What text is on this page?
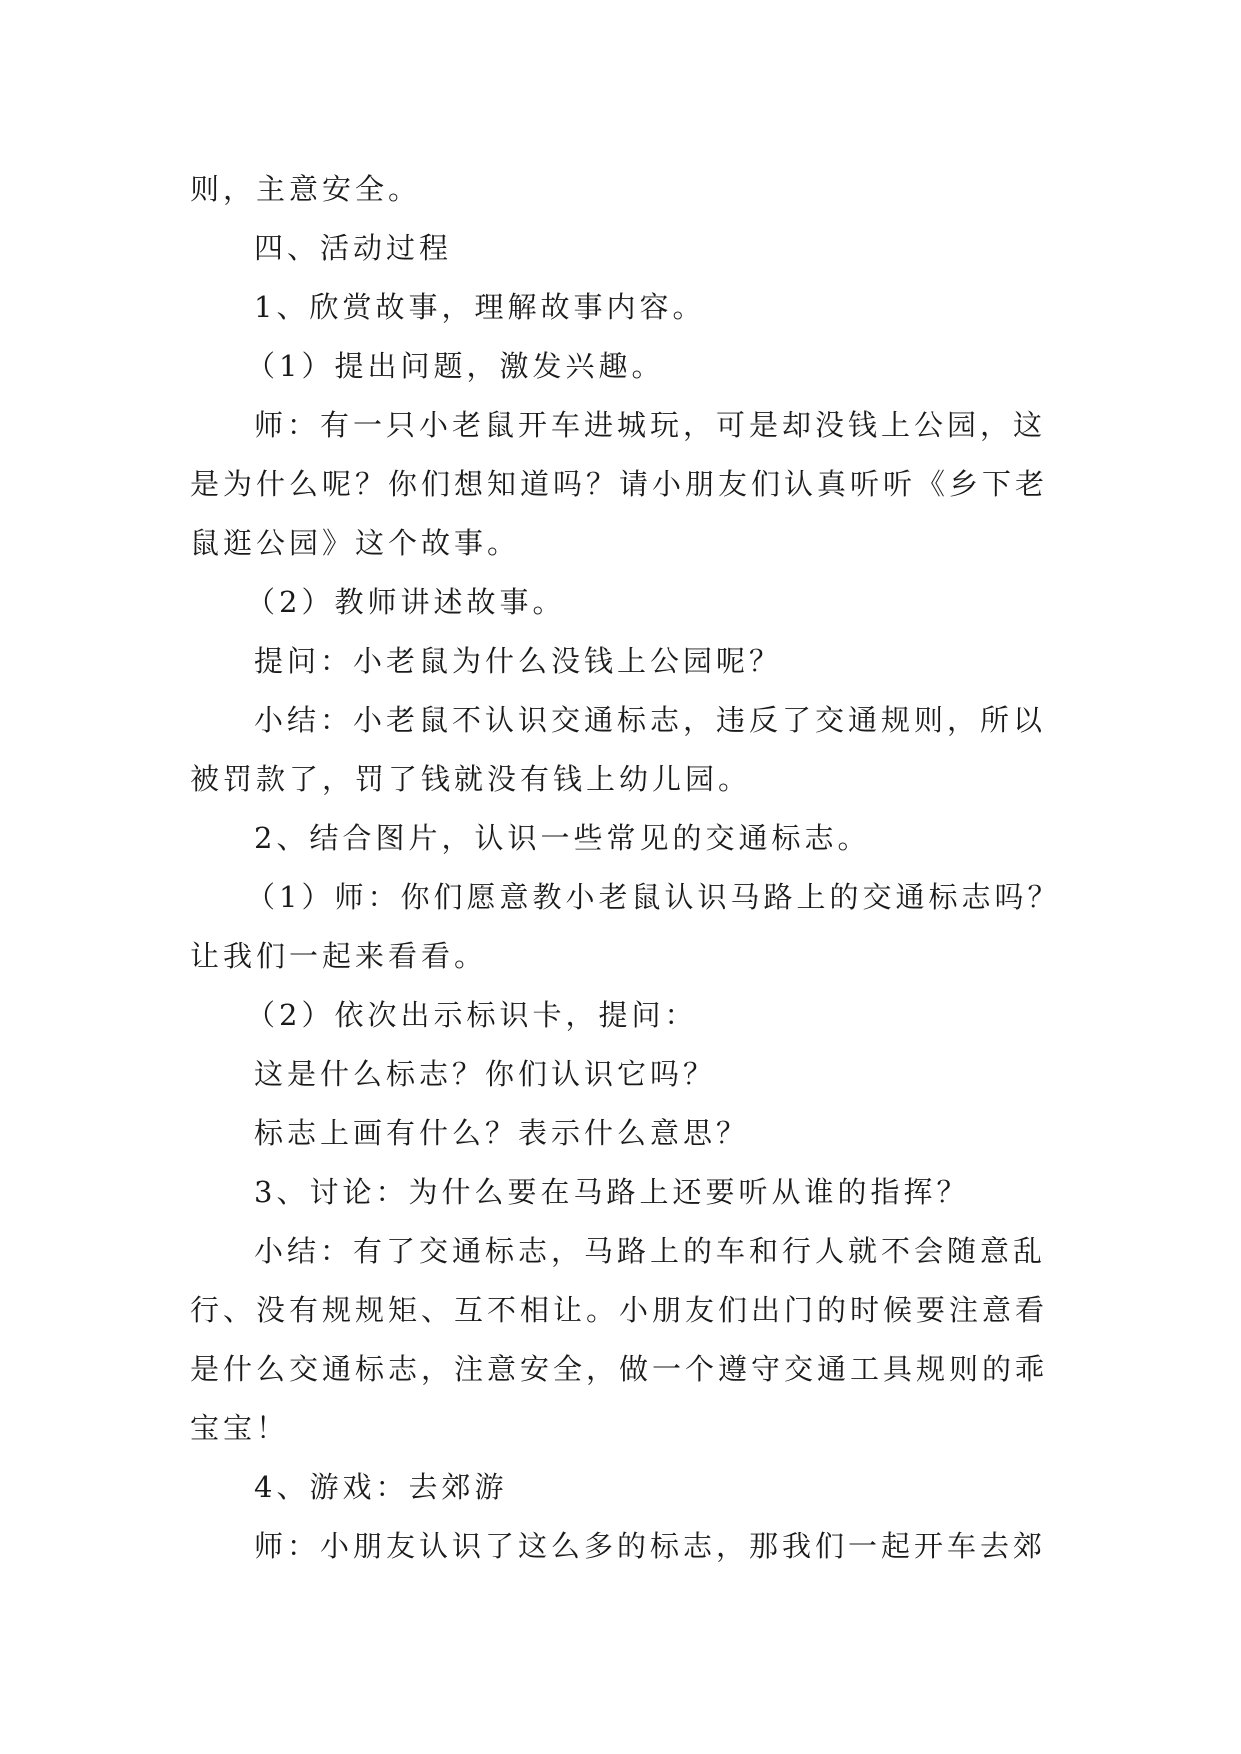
则，主意安全。
四、活动过程
1、欣赏故事，理解故事内容。
（1）提出问题，激发兴趣。
师：有一只小老鼠开车进城玩，可是却没钱上公园，这
是为什么呢？你们想知道吗？请小朋友们认真听听《乡下老
鼠逛公园》这个故事。
（2）教师讲述故事。
提问：小老鼠为什么没钱上公园呢？
小结：小老鼠不认识交通标志，违反了交通规则，所以
被罚款了，罚了钱就没有钱上幼儿园。
2、结合图片，认识一些常见的交通标志。
（1）师：你们愿意教小老鼠认识马路上的交通标志吗？
让我们一起来看看。
（2）依次出示标识卡，提问：
这是什么标志？你们认识它吗？
标志上画有什么？表示什么意思？
3、讨论：为什么要在马路上还要听从谁的指挥？
小结：有了交通标志，马路上的车和行人就不会随意乱
行、没有规规矩、互不相让。小朋友们出门的时候要注意看
是什么交通标志，注意安全，做一个遵守交通工具规则的乖
宝宝！
4、游戏：去郊游
师：小朋友认识了这么多的标志，那我们一起开车去郊
